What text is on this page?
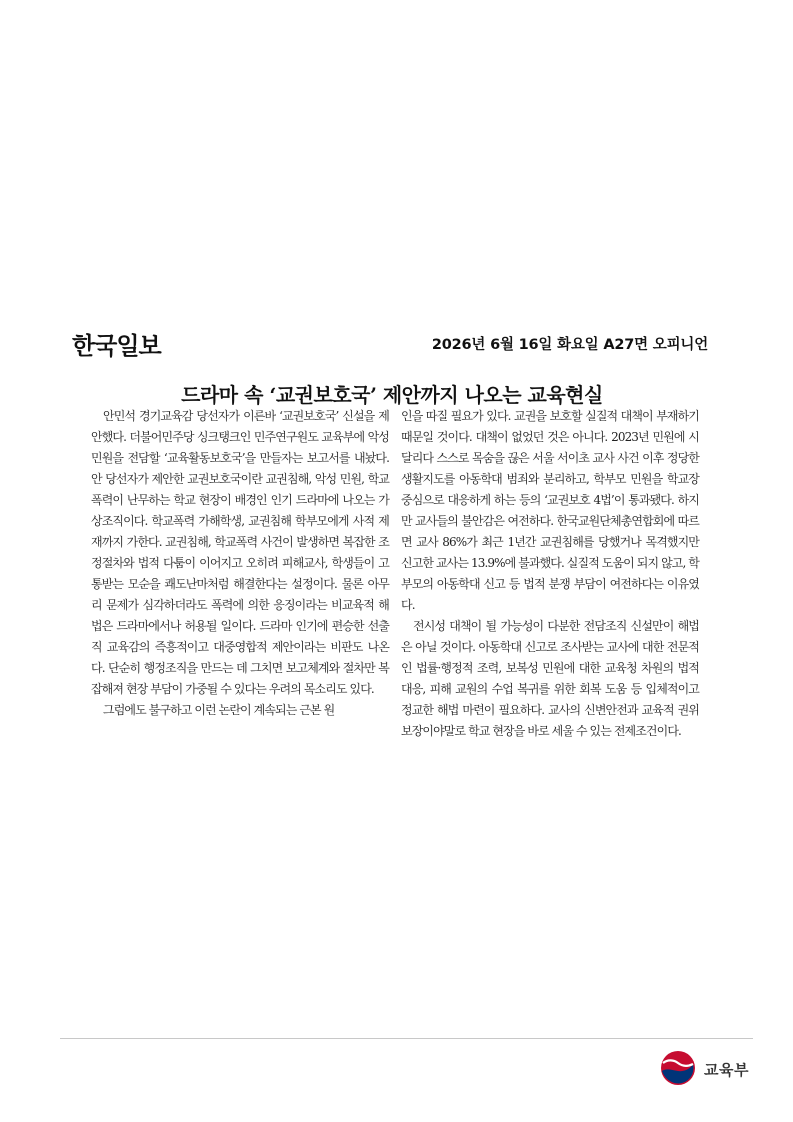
한국일보	2026년 6월 16일 화요일 A27면 오피니언
드라마 속 ‘교권보호국’ 제안까지 나오는 교육현실

안민석 경기교육감 당선자가 이른바 ‘교권보호국’ 신설을 제안했다. 더불어민주당 싱크탱크인 민주연구원도 교육부에 악성 민원을 전담할 ‘교육활동보호국’을 만들자는 보고서를 내놨다. 안 당선자가 제안한 교권보호국이란 교권침해, 악성 민원, 학교폭력이 난무하는 학교 현장이 배경인 인기 드라마에 나오는 가상조직이다. 학교폭력 가해학생, 교권침해 학부모에게 사적 제재까지 가한다. 교권침해, 학교폭력 사건이 발생하면 복잡한 조정절차와 법적 다툼이 이어지고 오히려 피해교사, 학생들이 고통받는 모순을 쾌도난마처럼 해결한다는 설정이다. 물론 아무리 문제가 심각하더라도 폭력에 의한 응징이라는 비교육적 해법은 드라마에서나 허용될 일이다. 드라마 인기에 편승한 선출직 교육감의 즉흥적이고 대중영합적 제안이라는 비판도 나온다. 단순히 행정조직을 만드는 데 그치면 보고체계와 절차만 복잡해져 현장 부담이 가중될 수 있다는 우려의 목소리도 있다.

그럼에도 불구하고 이런 논란이 계속되는 근본 원

인을 따질 필요가 있다. 교권을 보호할 실질적 대책이 부재하기 때문일 것이다. 대책이 없었던 것은 아니다. 2023년 민원에 시달리다 스스로 목숨을 끊은 서울 서이초 교사 사건 이후 정당한 생활지도를 아동학대 범죄와 분리하고, 학부모 민원을 학교장 중심으로 대응하게 하는 등의 ‘교권보호 4법’이 통과됐다. 하지만 교사들의 불안감은 여전하다. 한국교원단체총연합회에 따르면 교사 86%가 최근 1년간 교권침해를 당했거나 목격했지만 신고한 교사는 13.9%에 불과했다. 실질적 도움이 되지 않고, 학부모의 아동학대 신고 등 법적 분쟁 부담이 여전하다는 이유였다.

전시성 대책이 될 가능성이 다분한 전담조직 신설만이 해법은 아닐 것이다. 아동학대 신고로 조사받는 교사에 대한 전문적인 법률·행정적 조력, 보복성 민원에 대한 교육청 차원의 법적 대응, 피해 교원의 수업 복귀를 위한 회복 도움 등 입체적이고 정교한 해법 마련이 필요하다. 교사의 신변안전과 교육적 권위 보장이야말로 학교 현장을 바로 세울 수 있는 전제조건이다.

교육부
